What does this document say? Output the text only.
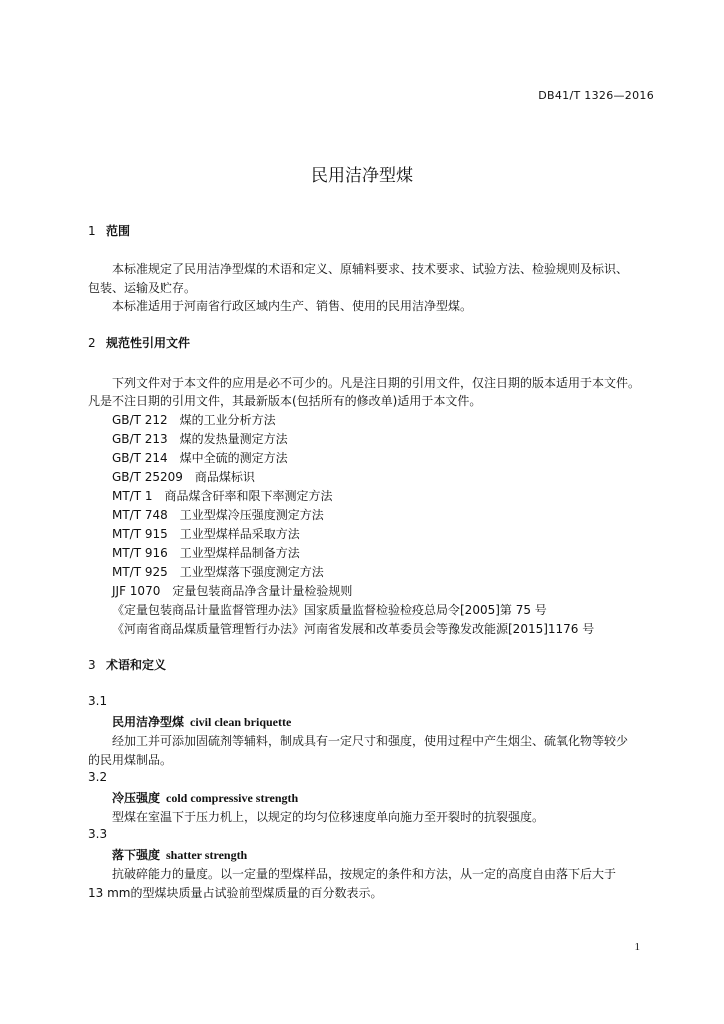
DB41/T 1326—2016
民用洁净型煤
1 范围
本标准规定了民用洁净型煤的术语和定义、原辅料要求、技术要求、试验方法、检验规则及标识、
包装、运输及贮存。
本标准适用于河南省行政区域内生产、销售、使用的民用洁净型煤。
2 规范性引用文件
下列文件对于本文件的应用是必不可少的。凡是注日期的引用文件，仅注日期的版本适用于本文件。
凡是不注日期的引用文件，其最新版本(包括所有的修改单)适用于本文件。
GB/T 212　煤的工业分析方法
GB/T 213　煤的发热量测定方法
GB/T 214　煤中全硫的测定方法
GB/T 25209　商品煤标识
MT/T 1　商品煤含矸率和限下率测定方法
MT/T 748　工业型煤冷压强度测定方法
MT/T 915　工业型煤样品采取方法
MT/T 916　工业型煤样品制备方法
MT/T 925　工业型煤落下强度测定方法
JJF 1070　定量包装商品净含量计量检验规则
《定量包装商品计量监督管理办法》国家质量监督检验检疫总局令[2005]第 75 号
《河南省商品煤质量管理暂行办法》河南省发展和改革委员会等豫发改能源[2015]1176 号
3 术语和定义
3.1
民用洁净型煤 civil clean briquette
经加工并可添加固硫剂等辅料，制成具有一定尺寸和强度，使用过程中产生烟尘、硫氧化物等较少
的民用煤制品。
3.2
冷压强度 cold compressive strength
型煤在室温下于压力机上，以规定的均匀位移速度单向施力至开裂时的抗裂强度。
3.3
落下强度 shatter strength
抗破碎能力的量度。以一定量的型煤样品，按规定的条件和方法，从一定的高度自由落下后大于
13 mm的型煤块质量占试验前型煤质量的百分数表示。
1
